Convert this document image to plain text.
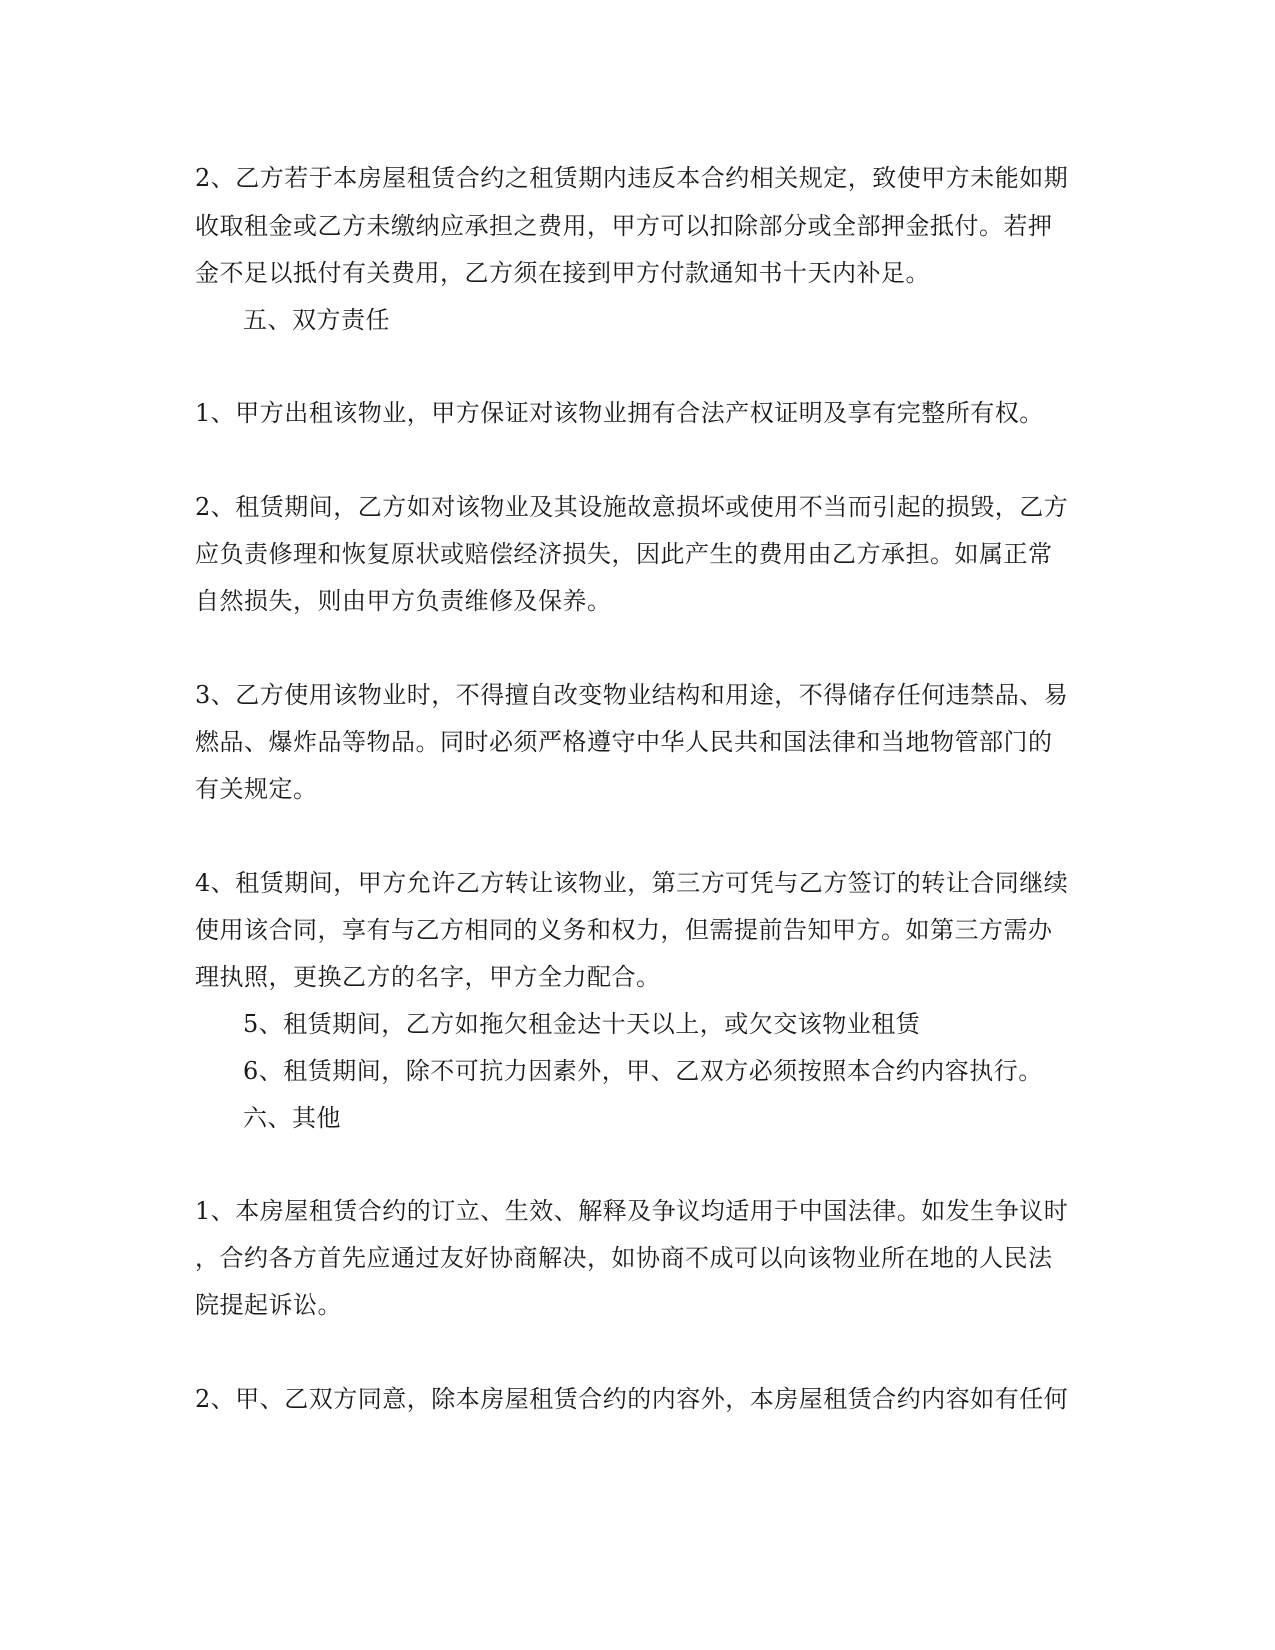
2、乙方若于本房屋租赁合约之租赁期内违反本合约相关规定，致使甲方未能如期
收取租金或乙方未缴纳应承担之费用，甲方可以扣除部分或全部押金抵付。若押
金不足以抵付有关费用，乙方须在接到甲方付款通知书十天内补足。
五、双方责任
1、甲方出租该物业，甲方保证对该物业拥有合法产权证明及享有完整所有权。
2、租赁期间，乙方如对该物业及其设施故意损坏或使用不当而引起的损毁，乙方
应负责修理和恢复原状或赔偿经济损失，因此产生的费用由乙方承担。如属正常
自然损失，则由甲方负责维修及保养。
3、乙方使用该物业时，不得擅自改变物业结构和用途，不得储存任何违禁品、易
燃品、爆炸品等物品。同时必须严格遵守中华人民共和国法律和当地物管部门的
有关规定。
4、租赁期间，甲方允许乙方转让该物业，第三方可凭与乙方签订的转让合同继续
使用该合同，享有与乙方相同的义务和权力，但需提前告知甲方。如第三方需办
理执照，更换乙方的名字，甲方全力配合。
5、租赁期间，乙方如拖欠租金达十天以上，或欠交该物业租赁
6、租赁期间，除不可抗力因素外，甲、乙双方必须按照本合约内容执行。
六、其他
1、本房屋租赁合约的订立、生效、解释及争议均适用于中国法律。如发生争议时
，合约各方首先应通过友好协商解决，如协商不成可以向该物业所在地的人民法
院提起诉讼。
2、甲、乙双方同意，除本房屋租赁合约的内容外，本房屋租赁合约内容如有任何
